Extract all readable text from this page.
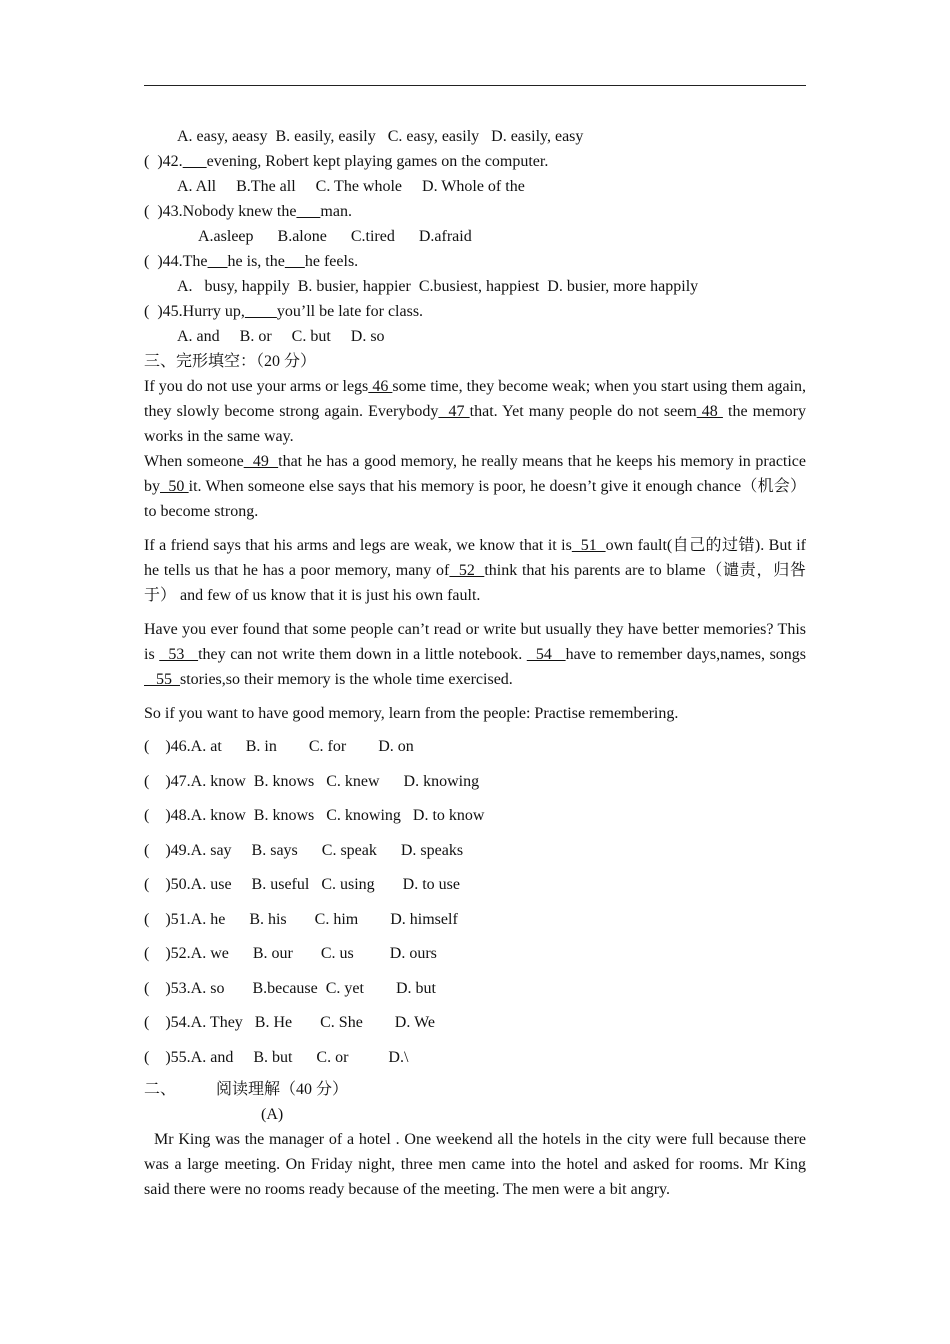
A. easy, aeasy  B. easily, easily   C. easy, easily   D. easily, easy
(  )42. evening, Robert kept playing games on the computer.
A. All     B.The all     C. The whole     D. Whole of the
(  )43.Nobody knew the man.
A.asleep      B.alone      C.tired      D.afraid
(  )44.The he is, the he feels.
A.   busy, happily  B. busier, happier  C.busiest, happiest  D. busier, more happily
(  )45.Hurry up, you’ll be late for class.
A. and     B. or     C. but     D. so
三、完形填空：（20 分）
If you do not use your arms or legs 46 some time, they become weak; when you start using them again, they slowly become strong again. Everybody  47 that. Yet many people do not seem 48  the memory works in the same way.
When someone  49  that he has a good memory, he really means that he keeps his memory in practice by  50 it. When someone else says that his memory is poor, he doesn’t give it enough chance（机会）to become strong.
If a friend says that his arms and legs are weak, we know that it is  51  own fault(自己的过错). But if he tells us that he has a poor memory, many of  52  think that his parents are to blame（谴责，归咎于） and few of us know that it is just his own fault.
Have you ever found that some people can’t read or write but usually they have better memories? This is   53   they can not write them down in a little notebook.   54   have to remember days,names, songs   55  stories,so their memory is the whole time exercised.
So if you want to have good memory, learn from the people: Practise remembering.
(    )46.A. at      B. in        C. for        D. on
(    )47.A. know  B. knows   C. knew      D. knowing
(    )48.A. know  B. knows   C. knowing   D. to know
(    )49.A. say     B. says      C. speak      D. speaks
(    )50.A. use     B. useful   C. using       D. to use
(    )51.A. he      B. his       C. him        D. himself
(    )52.A. we      B. our       C. us         D. ours
(    )53.A. so       B.because  C. yet        D. but
(    )54.A. They   B. He       C. She        D. We
(    )55.A. and     B. but      C. or          D.\
二、          阅读理解（40 分）
(A)
Mr King was the manager of a hotel . One weekend all the hotels in the city were full because there was a large meeting. On Friday night, three men came into the hotel and asked for rooms. Mr King said there were no rooms ready because of the meeting. The men were a bit angry.
